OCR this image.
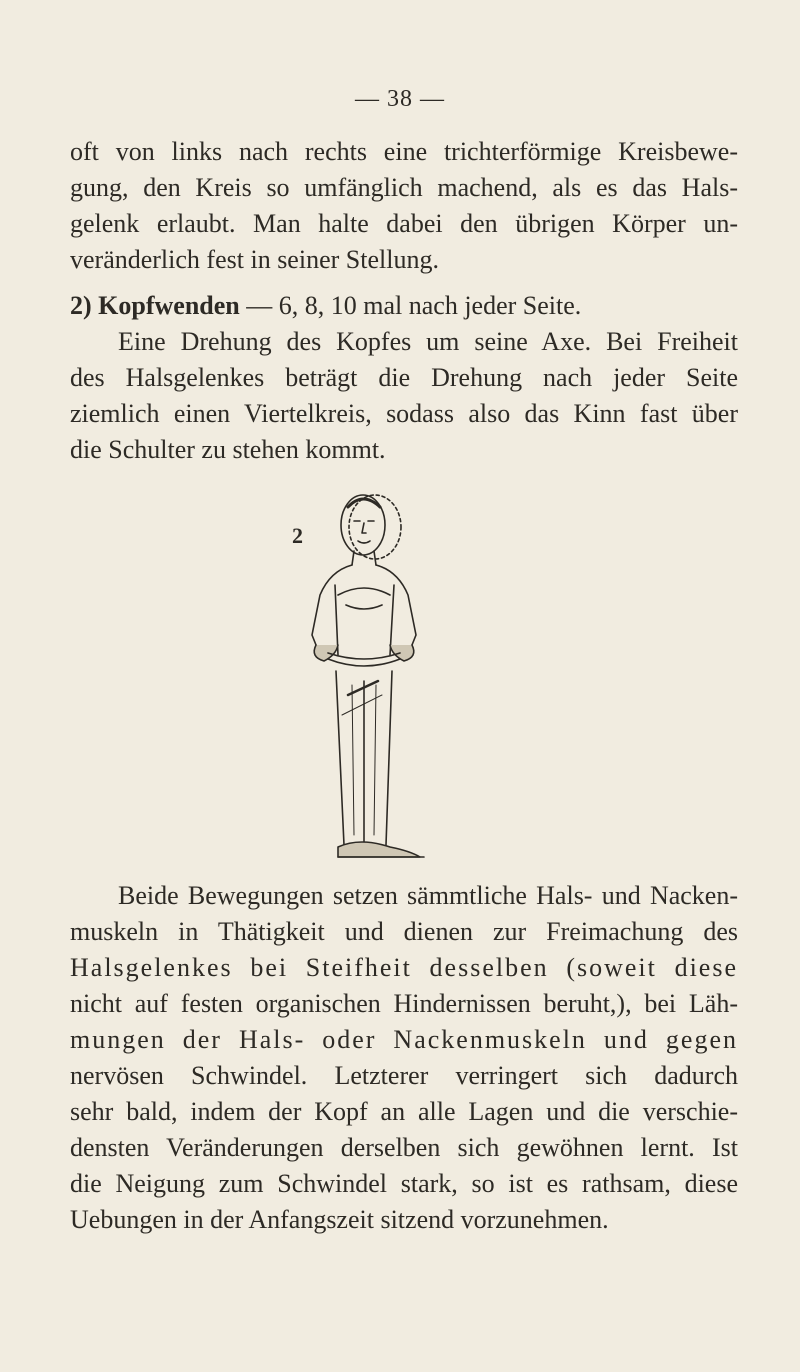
— 38 —
oft von links nach rechts eine trichterförmige Kreisbewe-
gung, den Kreis so umfänglich machend, als es das Hals-
gelenk erlaubt. Man halte dabei den übrigen Körper un-
veränderlich fest in seiner Stellung.
2) Kopfwenden — 6, 8, 10 mal nach jeder Seite.
Eine Drehung des Kopfes um seine Axe. Bei Freiheit
des Halsgelenkes beträgt die Drehung nach jeder Seite
ziemlich einen Viertelkreis, sodass also das Kinn fast über
die Schulter zu stehen kommt.
2
Beide Bewegungen setzen sämmtliche Hals- und Nacken-
muskeln in Thätigkeit und dienen zur Freimachung des
Halsgelenkes bei Steifheit desselben (soweit diese
nicht auf festen organischen Hindernissen beruht,), bei Läh-
mungen der Hals- oder Nackenmuskeln und gegen
nervösen Schwindel. Letzterer verringert sich dadurch
sehr bald, indem der Kopf an alle Lagen und die verschie-
densten Veränderungen derselben sich gewöhnen lernt. Ist
die Neigung zum Schwindel stark, so ist es rathsam, diese
Uebungen in der Anfangszeit sitzend vorzunehmen.
